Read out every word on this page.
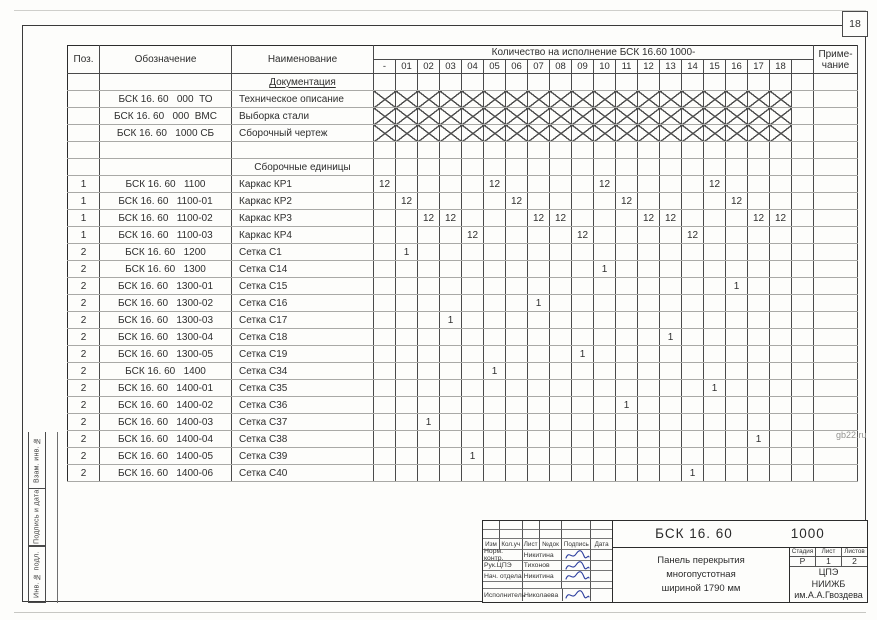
18
Поз.	Обозначение	Наименование	Количество на исполнение БСК 16.60 1000-																				Приме-
чание
			-	01	02	03	04	05	06	07	08	09	10	11	12	13	14	15	16	17	18		
		Документация																					
	БСК 16. 60   000  ТО	Техническое описание																					
	БСК 16. 60   000  ВМС	Выборка стали																					
	БСК 16. 60   1000 СБ	Сборочный чертеж																					

		Сборочные единицы																					
1	БСК 16. 60   1100	Каркас КР1	12					12					12					12					
1	БСК 16. 60   1100-01	Каркас КР2		12					12					12					12				
1	БСК 16. 60   1100-02	Каркас КР3			12	12				12	12				12	12				12	12		
1	БСК 16. 60   1100-03	Каркас КР4					12					12					12						
2	БСК 16. 60   1200	Сетка С1		1																			
2	БСК 16. 60   1300	Сетка С14											1										
2	БСК 16. 60   1300-01	Сетка С15																	1				
2	БСК 16. 60   1300-02	Сетка С16								1													
2	БСК 16. 60   1300-03	Сетка С17				1																	
2	БСК 16. 60   1300-04	Сетка С18														1							
2	БСК 16. 60   1300-05	Сетка С19										1											
2	БСК 16. 60   1400	Сетка С34						1															
2	БСК 16. 60   1400-01	Сетка С35																1					
2	БСК 16. 60   1400-02	Сетка С36												1									
2	БСК 16. 60   1400-03	Сетка С37			1																		
2	БСК 16. 60   1400-04	Сетка С38																		1			
2	БСК 16. 60   1400-05	Сетка С39					1																
2	БСК 16. 60   1400-06	Сетка С40															1						
Взам. инв. №
Подпись и дата
Инв. № подл.
Изм Кол.уч Лист №док Подпись Дата
Норм. контр.	Никитина
Рук.ЦПЭ	Тихонов
Нач. отдела Никитина
Исполнитель
Николаева
БСК 16. 60	1000
Панель перекрытия
многопустотная
шириной 1790 мм
Стадия	Лист	Листов
Р	1	2
ЦПЭ
НИИЖБ им.А.А.Гвоздева
gb22.ru
